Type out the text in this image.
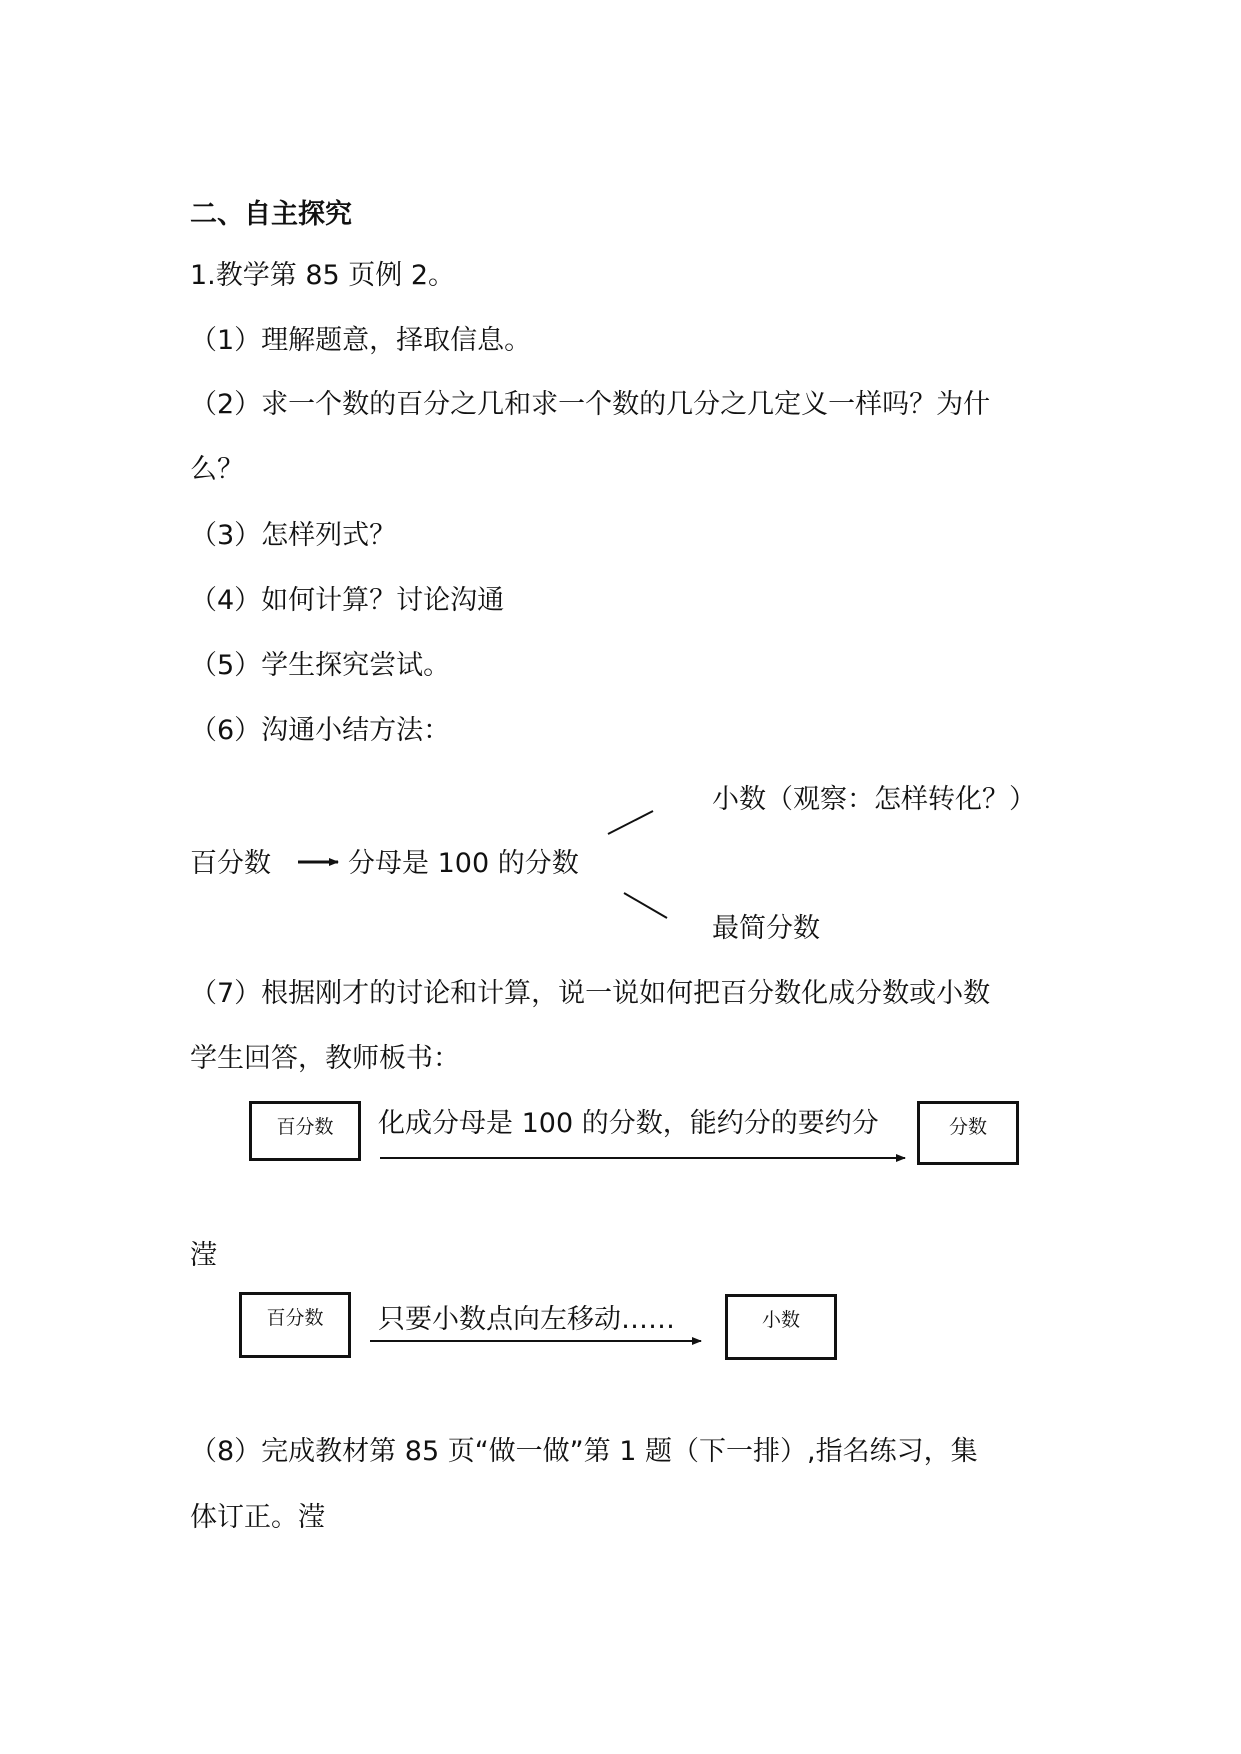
二、自主探究
1.教学第 85 页例 2。
（1）理解题意，择取信息。
（2）求一个数的百分之几和求一个数的几分之几定义一样吗？为什
么？
（3）怎样列式？
（4）如何计算？讨论沟通
（5）学生探究尝试。
（6）沟通小结方法：
小数（观察：怎样转化？）
百分数	分母是 100 的分数
最简分数
（7）根据刚才的讨论和计算，说一说如何把百分数化成分数或小数
学生回答，教师板书：
百分数 化成分母是 100 的分数，能约分的要约分	分数
滢
百分数 只要小数点向左移动……	小数
（8）完成教材第 85 页“做一做”第 1 题（下一排）,指名练习，集
体订正。滢
